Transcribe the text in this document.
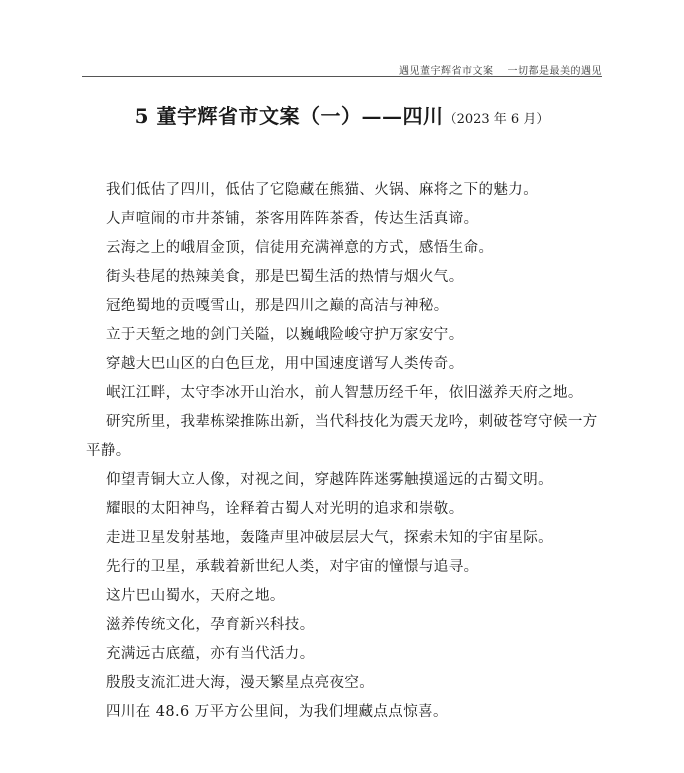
遇见董宇辉省市文案 一切都是最美的遇见
5 董宇辉省市文案（一）——四川（2023 年 6 月）

我们低估了四川，低估了它隐藏在熊猫、火锅、麻将之下的魅力。

人声喧闹的市井茶铺，茶客用阵阵茶香，传达生活真谛。

云海之上的峨眉金顶，信徒用充满禅意的方式，感悟生命。

街头巷尾的热辣美食，那是巴蜀生活的热情与烟火气。

冠绝蜀地的贡嘎雪山，那是四川之巅的高洁与神秘。

立于天堑之地的剑门关隘，以巍峨险峻守护万家安宁。

穿越大巴山区的白色巨龙，用中国速度谱写人类传奇。

岷江江畔，太守李冰开山治水，前人智慧历经千年，依旧滋养天府之地。

研究所里，我辈栋梁推陈出新，当代科技化为震天龙吟，刺破苍穹守候一方平静。

仰望青铜大立人像，对视之间，穿越阵阵迷雾触摸遥远的古蜀文明。

耀眼的太阳神鸟，诠释着古蜀人对光明的追求和崇敬。

走进卫星发射基地，轰隆声里冲破层层大气，探索未知的宇宙星际。

先行的卫星，承载着新世纪人类，对宇宙的憧憬与追寻。

这片巴山蜀水，天府之地。

滋养传统文化，孕育新兴科技。

充满远古底蕴，亦有当代活力。

殷殷支流汇进大海，漫天繁星点亮夜空。

四川在 48.6 万平方公里间，为我们埋藏点点惊喜。
